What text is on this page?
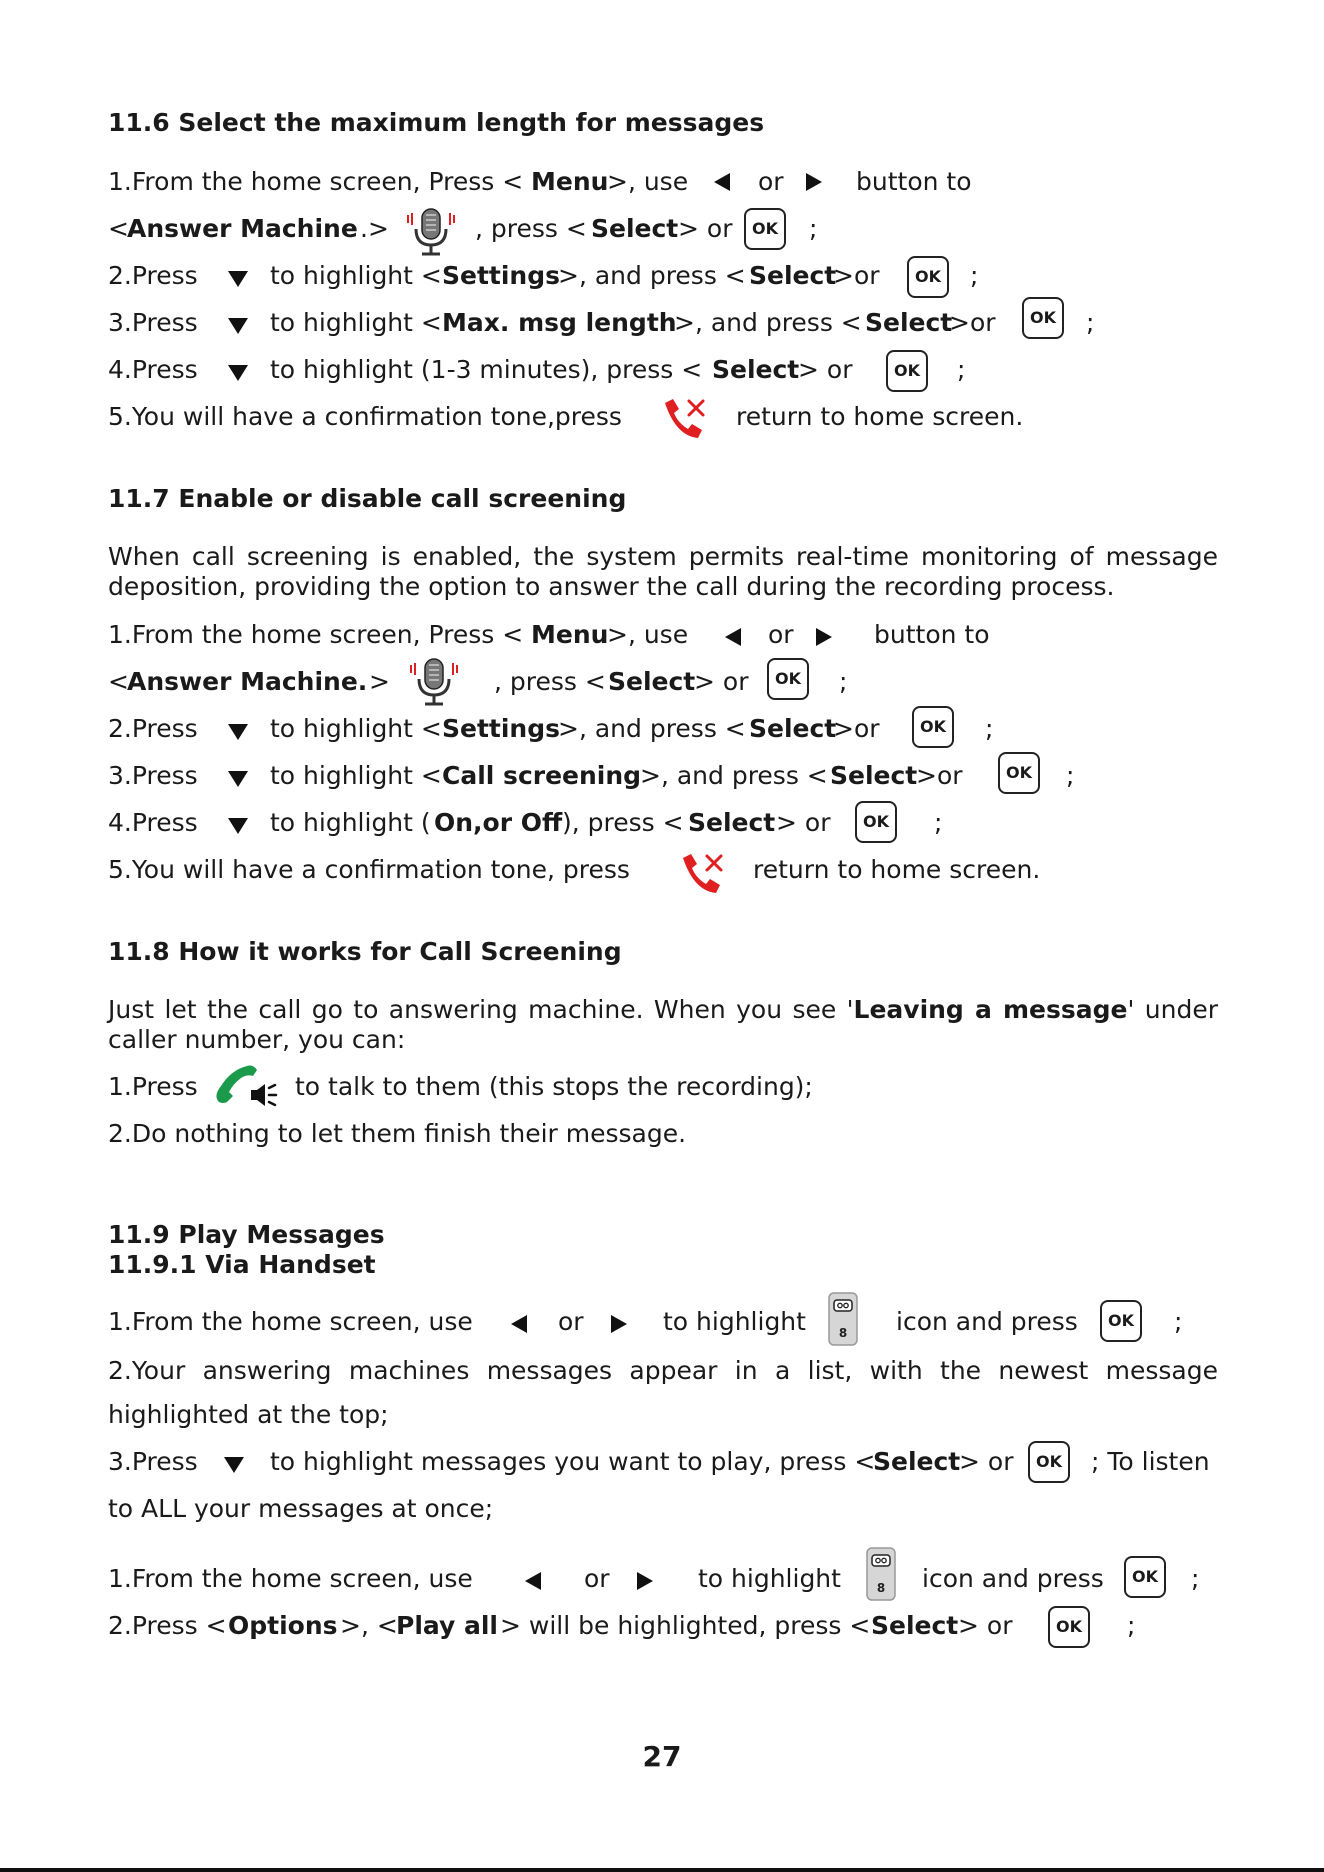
11.6 Select the maximum length for messages
1.From the home screen, Press < Menu
>, use	or	button to
<
Answer Machine .>	, press < Select > or	OK	;
2.Press	to highlight < Settings
>, and press < Select
>or	OK	;
3.Press	to highlight < Max. msg length
>, and press < Select
>or	OK	;
4.Press	to highlight (1-3 minutes), press < Select
> or	OK	;
5.You will have a confirmation tone,press	return to home screen.
11.7 Enable or disable call screening
When call screening is enabled, the system permits real-time monitoring of message
deposition, providing the option to answer the call during the recording process.
1.From the home screen, Press < Menu
>, use	or	button to
<
Answer Machine. >	, press < Select
> or	OK	;
2.Press	to highlight < Settings
>, and press < Select
>or	OK	;
3.Press	to highlight < Call screening
>, and press < Select
>or	OK	;
4.Press	to highlight ( On,or Off ), press < Select > or	OK	;
5.You will have a confirmation tone, press	return to home screen.
11.8 How it works for Call Screening
Just let the call go to answering machine. When you see 'Leaving a message' under
caller number, you can:
1.Press	to talk to them (this stops the recording);
2.Do nothing to let them finish their message.
11.9 Play Messages
11.9.1 Via Handset
1.From the home screen, use	or	to highlight	8 icon and press	OK	;
2.Your answering machines messages appear in a list, with the newest message
highlighted at the top;
3.Press	to highlight messages you want to play, press <
Select
> or	OK	; To listen
to ALL your messages at once;
1.From the home screen, use	or	to highlight	8 icon and press	OK	;
2.Press < Options >, <
Play all > will be highlighted, press < Select > or	OK	;
27
